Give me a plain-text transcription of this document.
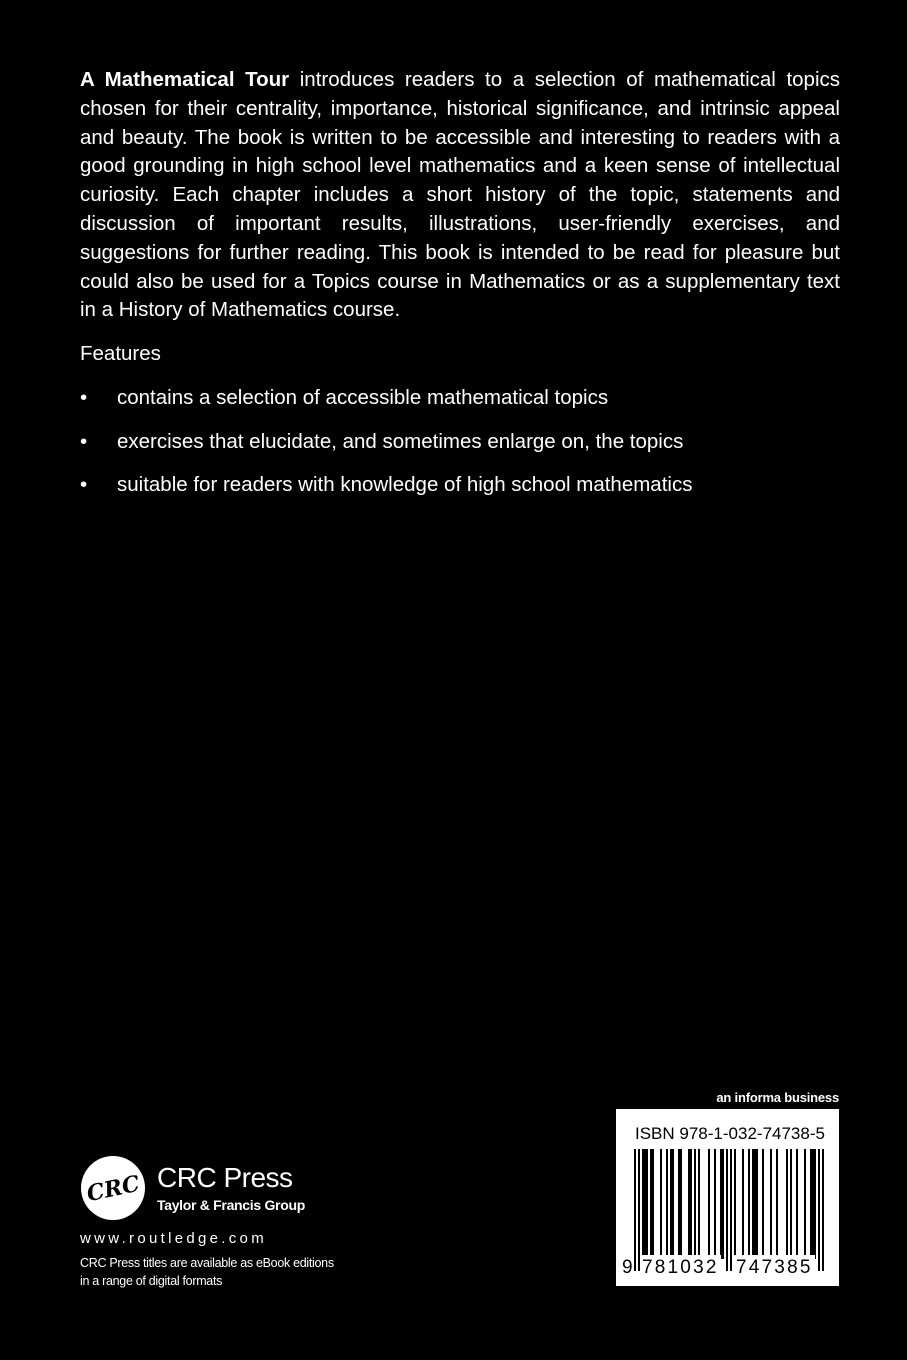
A Mathematical Tour introduces readers to a selection of mathematical topics chosen for their centrality, importance, historical significance, and intrinsic appeal and beauty. The book is written to be accessible and interesting to readers with a good grounding in high school level mathematics and a keen sense of intellectual curiosity. Each chapter includes a short history of the topic, statements and discussion of important results, illustrations, user-friendly exercises, and suggestions for further reading. This book is intended to be read for pleasure but could also be used for a Topics course in Mathematics or as a supplementary text in a History of Mathematics course.

Features

• contains a selection of accessible mathematical topics
• exercises that elucidate, and sometimes enlarge on, the topics
• suitable for readers with knowledge of high school mathematics
CRC CRC Press
Taylor & Francis Group
www.routledge.com
CRC Press titles are available as eBook editions
in a range of digital formats
an informa business
ISBN 978-1-032-74738-5
9 781032 747385
